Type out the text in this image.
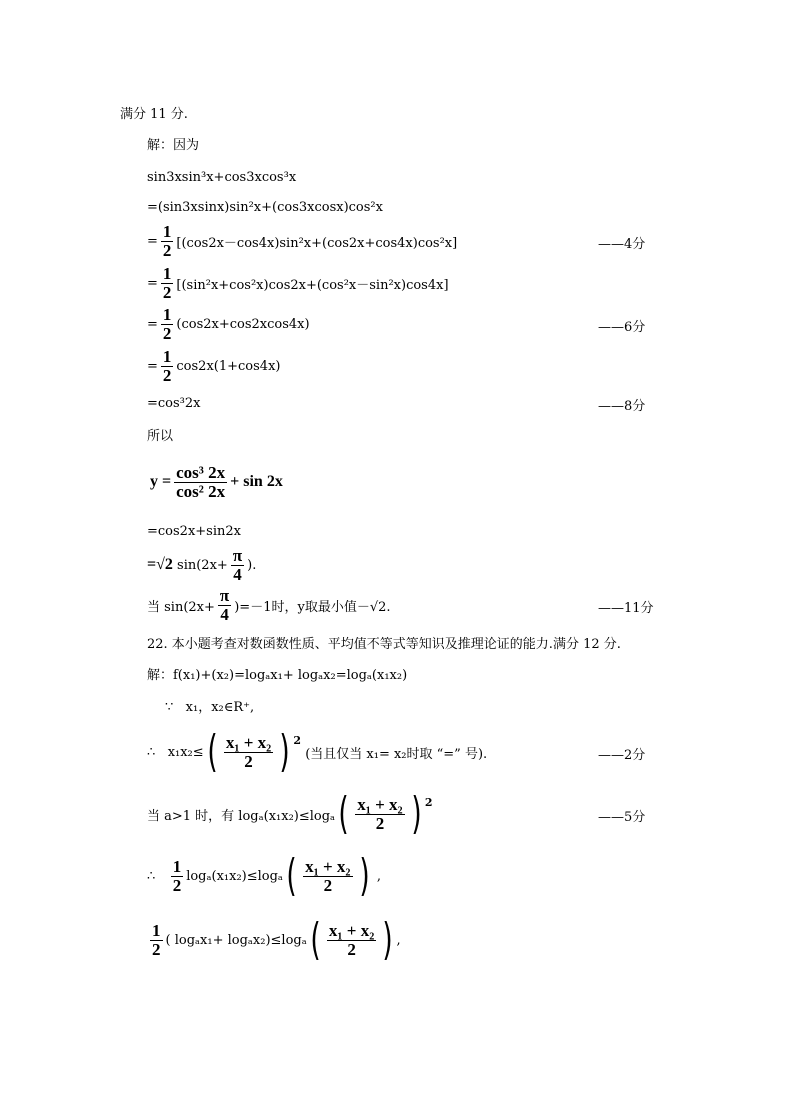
满分 11 分.
解：因为
sin3xsin³x+cos3xcos³x
=(sin3xsinx)sin²x+(cos3xcosx)cos²x
= $\frac{1}{2} [(\cos 2x-\cos 4x)\sin^2x+(\cos 2x+\cos 4x)\cos^2x]$	——4分
= $\frac{1}{2} [(\sin^2x+\cos^2x)\cos 2x+(\cos^2x-\sin^2x)\cos 4x]$
= $\frac{1}{2} (\cos 2x+\cos 2xcos4x)$	——6分
= $\frac{1}{2} \cos 2x(1+\cos 4x)$
=cos³2x	——8分
所以
$y = \frac{\text{cos³ 2x}}{\text{cos² 2x}} + \sin 2x$
=cos2x+sin2x
=√2 $\sin(2x+ \frac{\pi}{4}$ ).
当 $\sin(2x+ \frac{\pi}{4} )=-1$时，y取最小值－√2.	——11分
22. 本小题考查对数函数性质、平均值不等式等知识及推理论证的能力.满分 12 分.
解：f(x₁)+(x₂)=logₐx₁+ logₐx₂=logₐ(x₁x₂)
∵   x₁，x₂∈R⁺,
∴
x₁x₂≤ ( $\frac{\text{x₁ + x₂}}{2}$ ) 2
(当且仅当 x₁= x₂时取 “=” 号).	——2分
当 a>1 时，有 logₐ(x₁x₂)≤logₐ ( $\frac{\text{x₁ + x₂}}{2}$ ) 2
——5分
∴
$\frac{1}{2} \log_a(x_1x_2)\le\log_a$ ( $\frac{\text{x₁ + x₂}}{2}$ ) ,
$\frac{1}{2}$ ( logₐx₁+ logₐx₂)≤logₐ ( $\frac{\text{x₁ + x₂}}{2}$ ) ,
